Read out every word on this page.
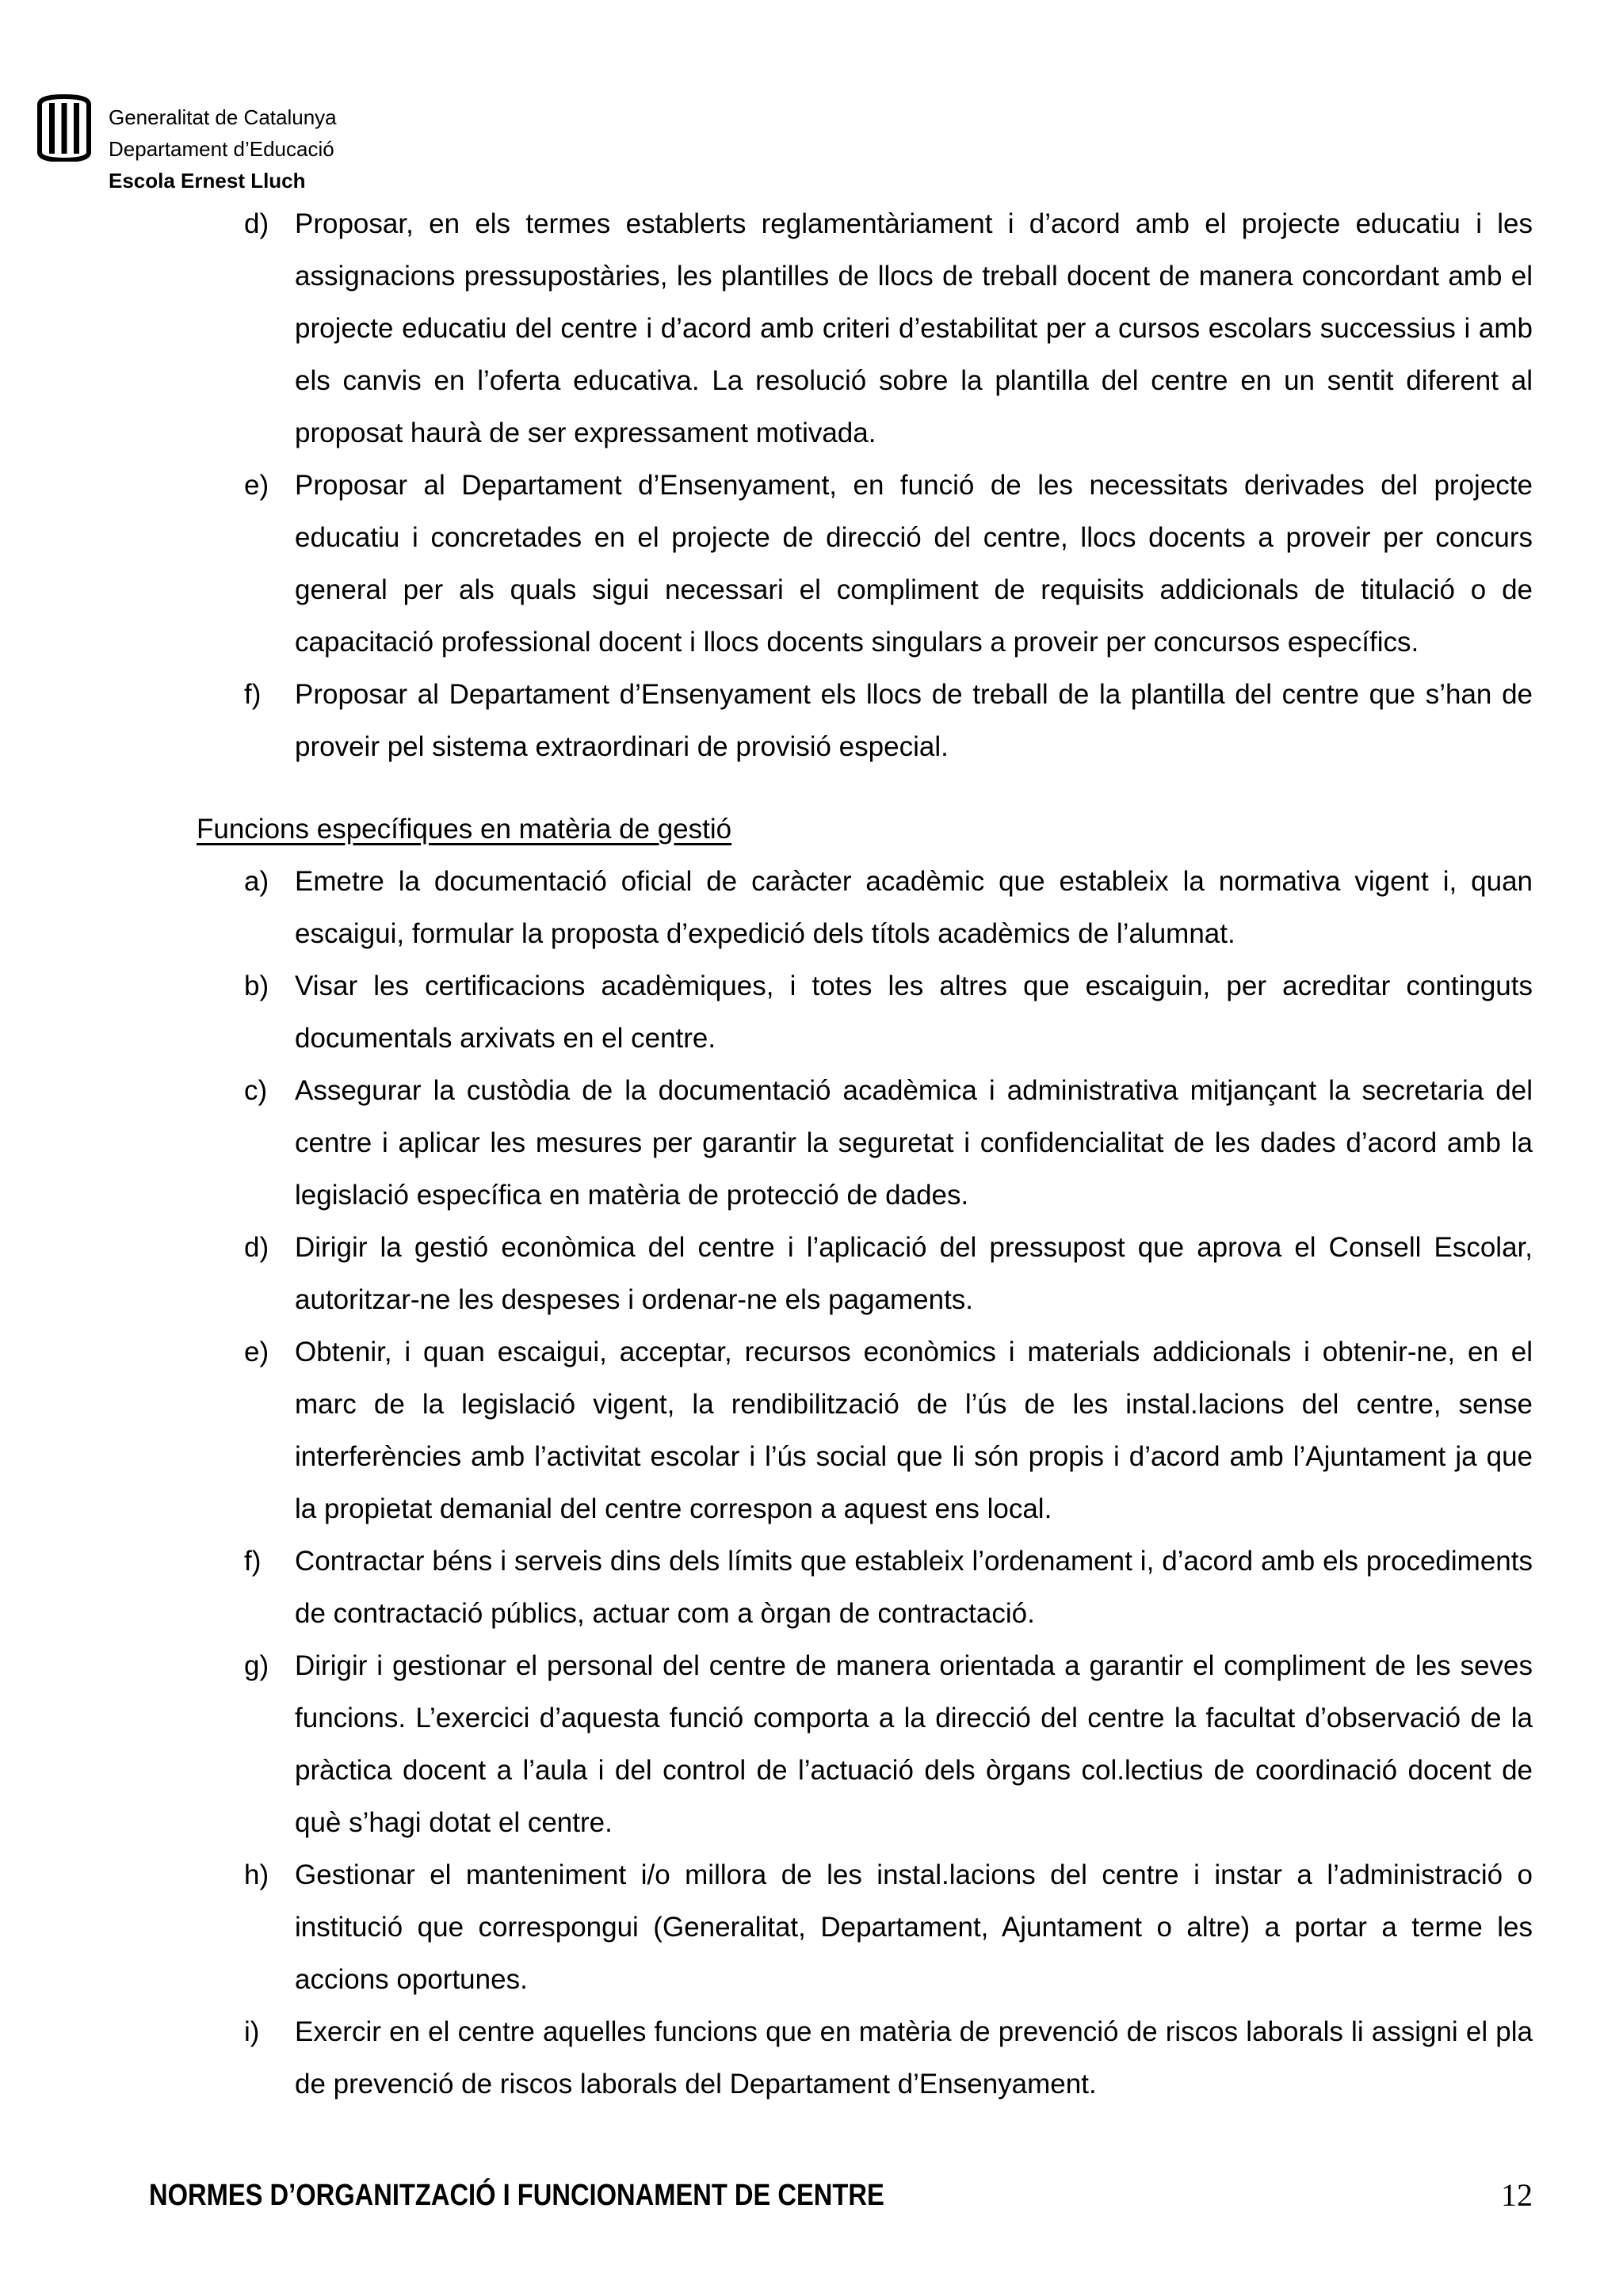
Generalitat de Catalunya
Departament d’Educació
Escola Ernest Lluch
d) Proposar, en els termes establerts reglamentàriament i d’acord amb el projecte educatiu i les assignacions pressupostàries, les plantilles de llocs de treball docent de manera concordant amb el projecte educatiu del centre i d’acord amb criteri d’estabilitat per a cursos escolars successius i amb els canvis en l’oferta educativa. La resolució sobre la plantilla del centre en un sentit diferent al proposat haurà de ser expressament motivada.
e) Proposar al Departament d’Ensenyament, en funció de les necessitats derivades del projecte educatiu i concretades en el projecte de direcció del centre, llocs docents a proveir per concurs general per als quals sigui necessari el compliment de requisits addicionals de titulació o de capacitació professional docent i llocs docents singulars a proveir per concursos específics.
f) Proposar al Departament d’Ensenyament els llocs de treball de la plantilla del centre que s’han de proveir pel sistema extraordinari de provisió especial.
Funcions específiques en matèria de gestió
a) Emetre la documentació oficial de caràcter acadèmic que estableix la normativa vigent i, quan escaigui, formular la proposta d’expedició dels títols acadèmics de l’alumnat.
b) Visar les certificacions acadèmiques, i totes les altres que escaiguin, per acreditar continguts documentals arxivats en el centre.
c) Assegurar la custòdia de la documentació acadèmica i administrativa mitjançant la secretaria del centre i aplicar les mesures per garantir la seguretat i confidencialitat de les dades d’acord amb la legislació específica en matèria de protecció de dades.
d) Dirigir la gestió econòmica del centre i l’aplicació del pressupost que aprova el Consell Escolar, autoritzar-ne les despeses i ordenar-ne els pagaments.
e) Obtenir, i quan escaigui, acceptar, recursos econòmics i materials addicionals i obtenir-ne, en el marc de la legislació vigent, la rendibilització de l’ús de les instal.lacions del centre, sense interferències amb l’activitat escolar i l’ús social que li són propis i d’acord amb l’Ajuntament ja que la propietat demanial del centre correspon a aquest ens local.
f) Contractar béns i serveis dins dels límits que estableix l’ordenament i, d’acord amb els procediments de contractació públics, actuar com a òrgan de contractació.
g) Dirigir i gestionar el personal del centre de manera orientada a garantir el compliment de les seves funcions. L’exercici d’aquesta funció comporta a la direcció del centre la facultat d’observació de la pràctica docent a l’aula i del control de l’actuació dels òrgans col.lectius de coordinació docent de què s’hagi dotat el centre.
h) Gestionar el manteniment i/o millora de les instal.lacions del centre i instar a l’administració o institució que correspongui (Generalitat, Departament, Ajuntament o altre) a portar a terme les accions oportunes.
i) Exercir en el centre aquelles funcions que en matèria de prevenció de riscos laborals li assigni el pla de prevenció de riscos laborals del Departament d’Ensenyament.
NORMES D’ORGANITZACIÓ I FUNCIONAMENT DE CENTRE	12
